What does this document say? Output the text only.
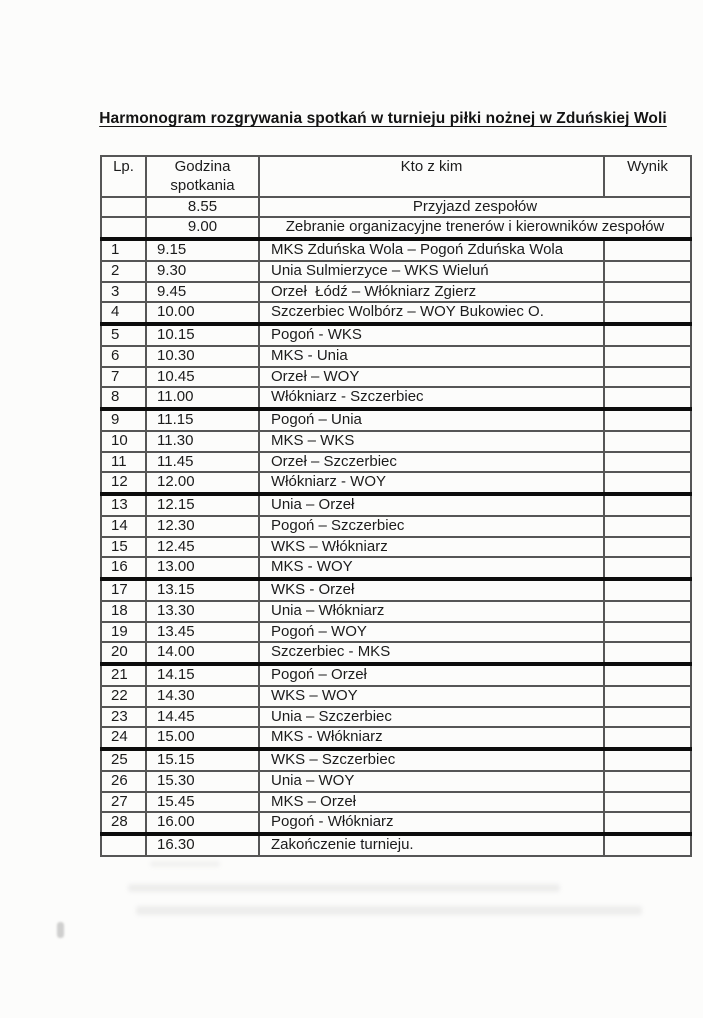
Harmonogram rozgrywania spotkań w turnieju piłki nożnej w Zduńskiej Woli
Lp.	Godzina spotkania	Kto z kim	Wynik
	8.55	Przyjazd zespołów	
	9.00	Zebranie organizacyjne trenerów i kierowników zespołów	
1	9.15	MKS Zduńska Wola – Pogoń Zduńska Wola	
2	9.30	Unia Sulmierzyce – WKS Wieluń	
3	9.45	Orzeł  Łódź – Włókniarz Zgierz	
4	10.00	Szczerbiec Wolbórz – WOY Bukowiec O.	
5	10.15	Pogoń - WKS	
6	10.30	MKS - Unia	
7	10.45	Orzeł – WOY	
8	11.00	Włókniarz - Szczerbiec	
9	11.15	Pogoń – Unia	
10	11.30	MKS – WKS	
11	11.45	Orzeł – Szczerbiec	
12	12.00	Włókniarz - WOY	
13	12.15	Unia – Orzeł	
14	12.30	Pogoń – Szczerbiec	
15	12.45	WKS – Włókniarz	
16	13.00	MKS - WOY	
17	13.15	WKS - Orzeł	
18	13.30	Unia – Włókniarz	
19	13.45	Pogoń – WOY	
20	14.00	Szczerbiec - MKS	
21	14.15	Pogoń – Orzeł	
22	14.30	WKS – WOY	
23	14.45	Unia – Szczerbiec	
24	15.00	MKS - Włókniarz	
25	15.15	WKS – Szczerbiec	
26	15.30	Unia – WOY	
27	15.45	MKS – Orzeł	
28	16.00	Pogoń - Włókniarz	
	16.30	Zakończenie turnieju.	
